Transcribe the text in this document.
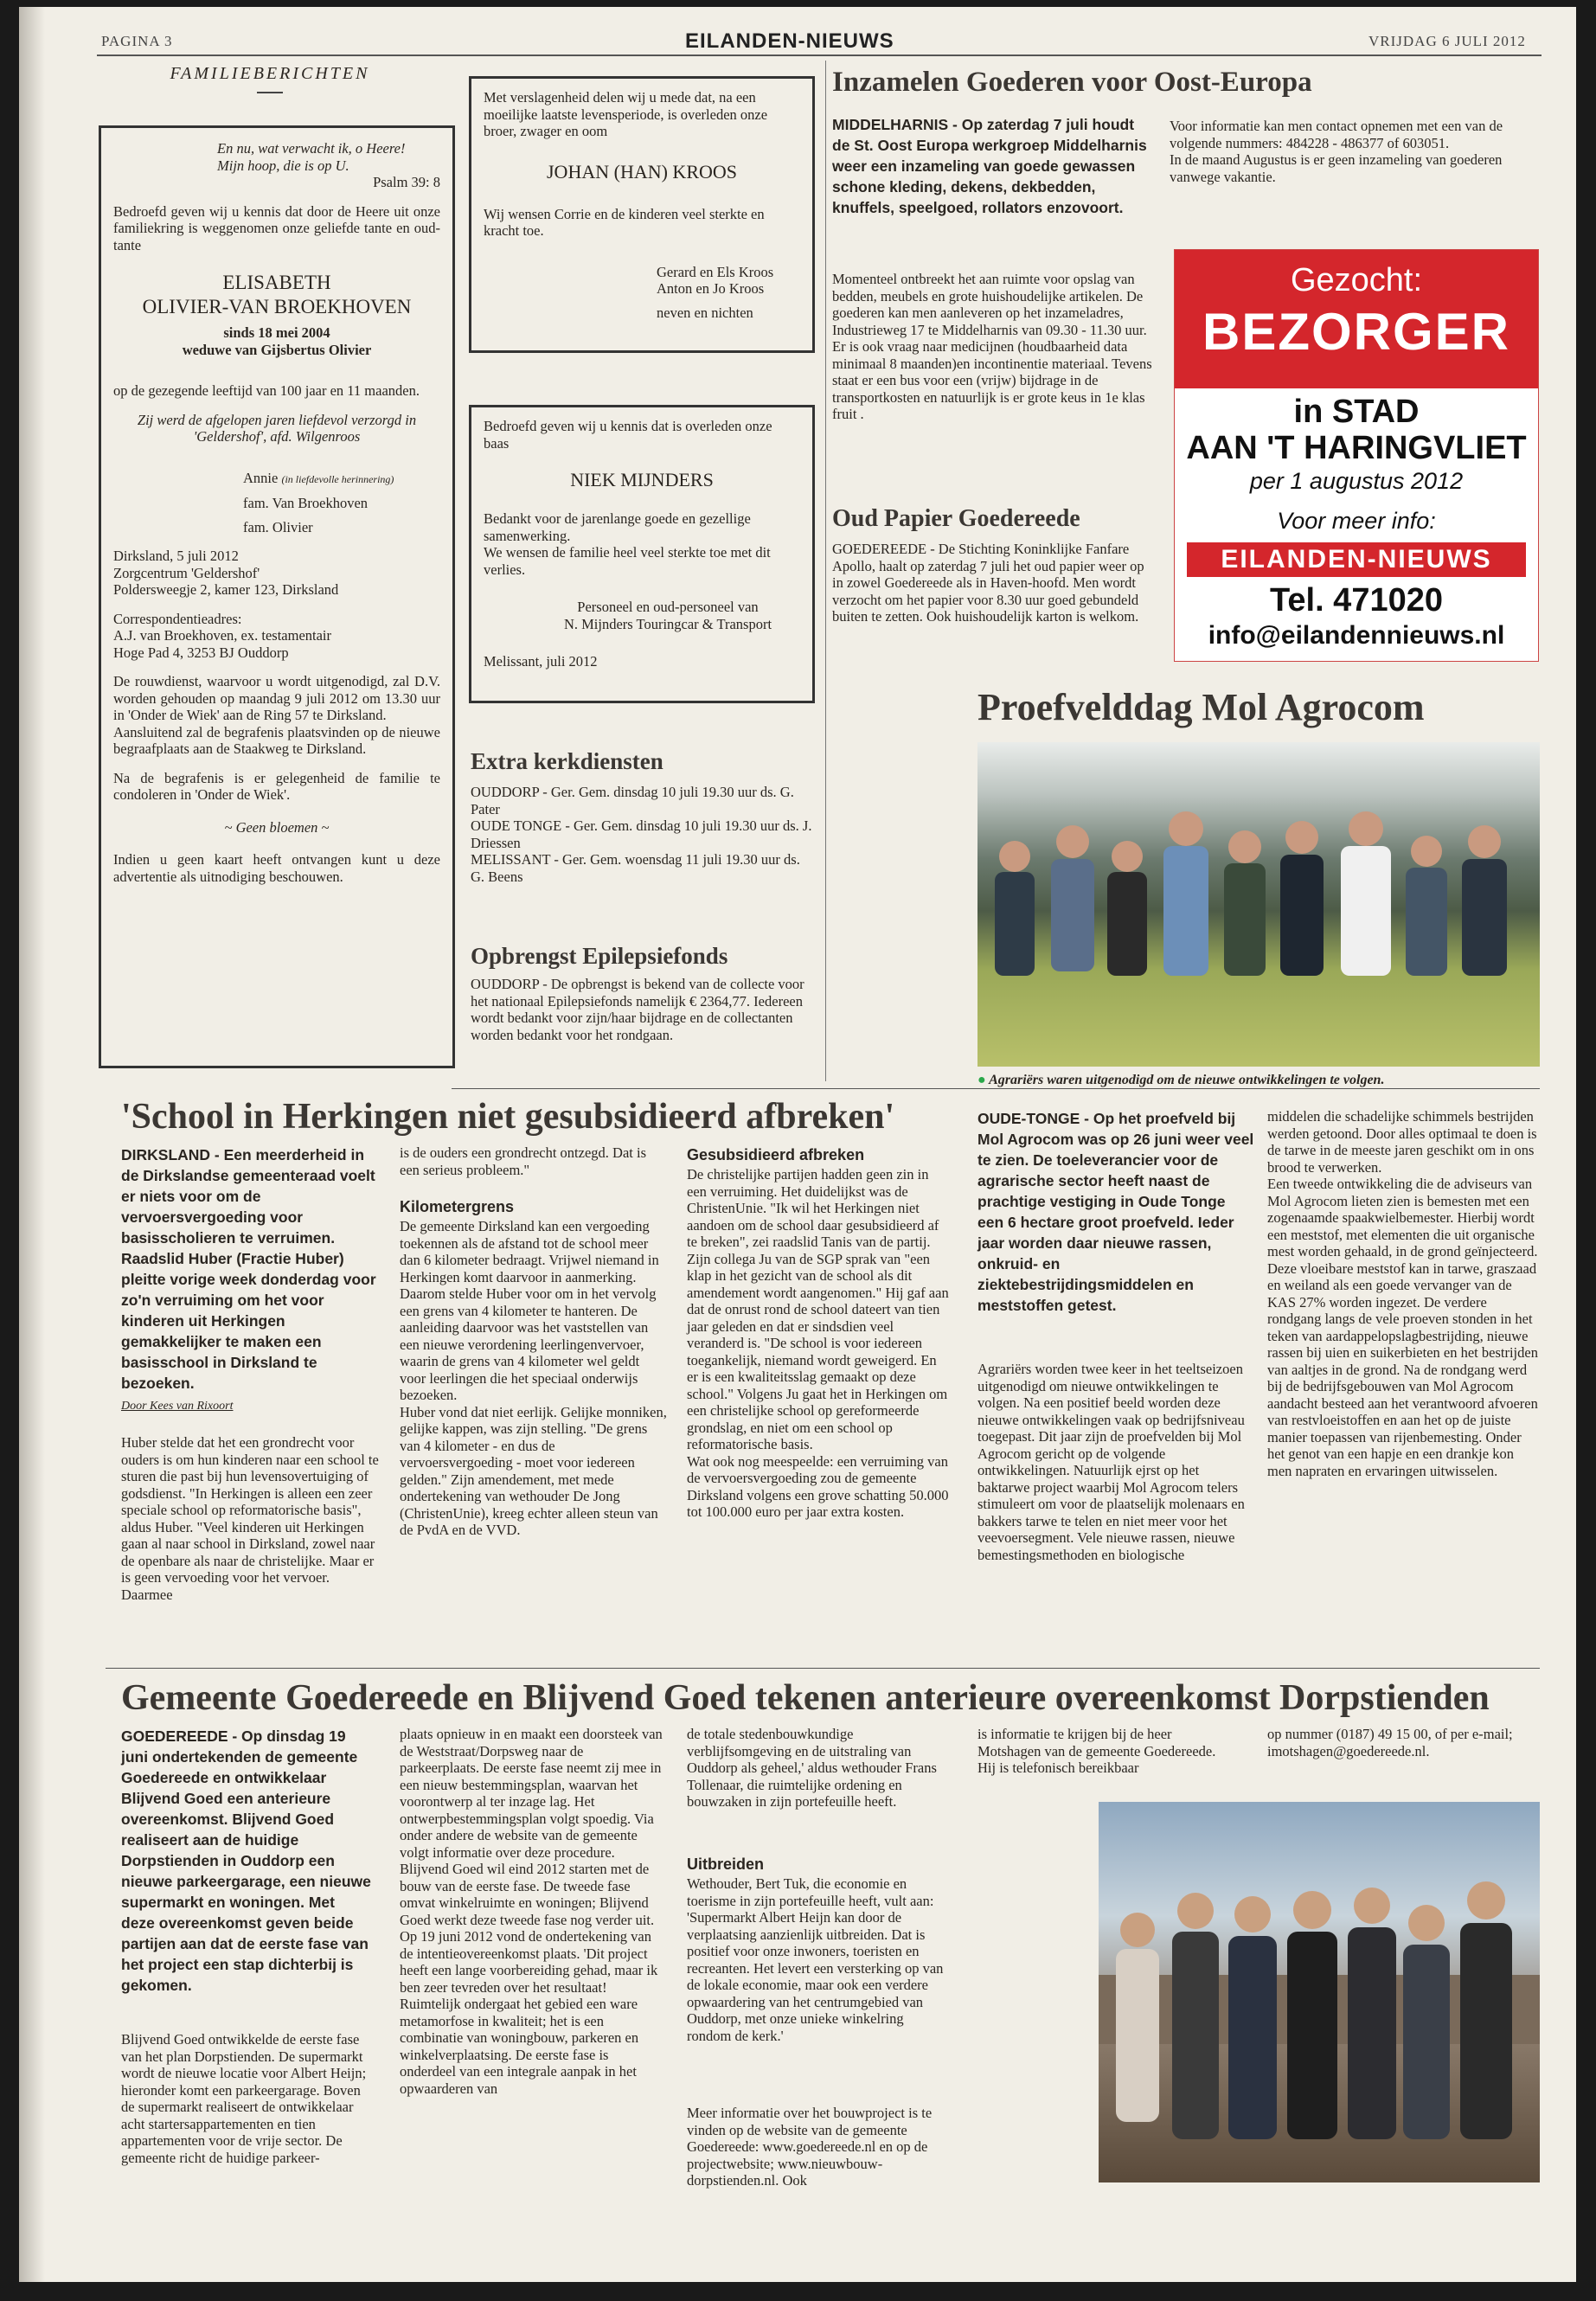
PAGINA 3	EILANDEN-NIEUWS	VRIJDAG 6 JULI 2012
FAMILIEBERICHTEN

En nu, wat verwacht ik, o Heere!

Mijn hoop, die is op U.

Psalm 39: 8

Bedroefd geven wij u kennis dat door de Heere uit onze familiekring is weggenomen onze geliefde tante en oud-tante

ELISABETH

OLIVIER-VAN BROEKHOVEN

sinds 18 mei 2004

weduwe van Gijsbertus Olivier

op de gezegende leeftijd van 100 jaar en 11 maanden.

Zij werd de afgelopen jaren liefdevol verzorgd in 'Geldershof', afd. Wilgenroos

Annie (in liefdevolle herinnering)

fam. Van Broekhoven

fam. Olivier

Dirksland, 5 juli 2012

Zorgcentrum 'Geldershof'

Poldersweegje 2, kamer 123, Dirksland

Correspondentieadres:

A.J. van Broekhoven, ex. testamentair

Hoge Pad 4, 3253 BJ Ouddorp

De rouwdienst, waarvoor u wordt uitgenodigd, zal D.V. worden gehouden op maandag 9 juli 2012 om 13.30 uur in 'Onder de Wiek' aan de Ring 57 te Dirksland.

Aansluitend zal de begrafenis plaatsvinden op de nieuwe begraafplaats aan de Staakweg te Dirksland.

Na de begrafenis is er gelegenheid de familie te condoleren in 'Onder de Wiek'.

~ Geen bloemen ~

Indien u geen kaart heeft ontvangen kunt u deze advertentie als uitnodiging beschouwen.

Met verslagenheid delen wij u mede dat, na een moeilijke laatste levensperiode, is overleden onze broer, zwager en oom

JOHAN (HAN) KROOS

Wij wensen Corrie en de kinderen veel sterkte en kracht toe.

Gerard en Els Kroos

Anton en Jo Kroos

neven en nichten

Bedroefd geven wij u kennis dat is overleden onze baas

NIEK MIJNDERS

Bedankt voor de jarenlange goede en gezellige samenwerking.

We wensen de familie heel veel sterkte toe met dit verlies.

Personeel en oud-personeel van

N. Mijnders Touringcar & Transport

Melissant, juli 2012

Extra kerkdiensten
OUDDORP - Ger. Gem. dinsdag 10 juli 19.30 uur ds. G. Pater
OUDE TONGE - Ger. Gem. dinsdag 10 juli 19.30 uur ds. J. Driessen
MELISSANT - Ger. Gem. woensdag 11 juli 19.30 uur ds. G. Beens
Opbrengst Epilepsiefonds
OUDDORP - De opbrengst is bekend van de collecte voor het nationaal Epilepsiefonds namelijk € 2364,77. Iedereen wordt bedankt voor zijn/haar bijdrage en de collectanten worden bedankt voor het rondgaan.
Inzamelen Goederen voor Oost-Europa
MIDDELHARNIS - Op zaterdag 7 juli houdt de St. Oost Europa werkgroep Middelharnis weer een inzameling van goede gewassen schone kleding, dekens, dekbedden, knuffels, speelgoed, rollators enzovoort.
Momenteel ontbreekt het aan ruimte voor opslag van bedden, meubels en grote huishoudelijke artikelen. De goederen kan men aanleveren op het inzameladres, Industrieweg 17 te Middelharnis van 09.30 - 11.30 uur.
Er is ook vraag naar medicijnen (houdbaarheid data minimaal 8 maanden)en incontinentie materiaal. Tevens staat er een bus voor een (vrijw) bijdrage in de transportkosten en natuurlijk is er grote keus in 1e klas fruit .
Voor informatie kan men contact opnemen met een van de volgende nummers: 484228 - 486377 of 603051.
In de maand Augustus is er geen inzameling van goederen vanwege vakantie.
Oud Papier Goedereede
GOEDEREEDE - De Stichting Koninklijke Fanfare Apollo, haalt op zaterdag 7 juli het oud papier weer op in zowel Goedereede als in Haven-hoofd. Men wordt verzocht om het papier voor 8.30 uur goed gebundeld buiten te zetten. Ook huishoudelijk karton is welkom.
Gezocht:
BEZORGER
in STAD
AAN 'T HARINGVLIET
per 1 augustus 2012
Voor meer info:
EILANDEN-NIEUWS
Tel. 471020
info@eilandennieuws.nl
Proefvelddag Mol Agrocom
● Agrariërs waren uitgenodigd om de nieuwe ontwikkelingen te volgen.
OUDE-TONGE - Op het proefveld bij Mol Agrocom was op 26 juni weer veel te zien. De toeleverancier voor de agrarische sector heeft naast de prachtige vestiging in Oude Tonge een 6 hectare groot proefveld. Ieder jaar worden daar nieuwe rassen, onkruid- en ziektebestrijdingsmiddelen en meststoffen getest.
Agrariërs worden twee keer in het teeltseizoen uitgenodigd om nieuwe ontwikkelingen te volgen. Na een positief beeld worden deze nieuwe ontwikkelingen vaak op bedrijfsniveau toegepast. Dit jaar zijn de proefvelden bij Mol Agrocom gericht op de volgende ontwikkelingen. Natuurlijk ejrst op het baktarwe project waarbij Mol Agrocom telers stimuleert om voor de plaatselijk molenaars en bakkers tarwe te telen en niet meer voor het veevoersegment. Vele nieuwe rassen, nieuwe bemestingsmethoden en biologische
middelen die schadelijke schimmels bestrijden werden getoond. Door alles optimaal te doen is de tarwe in de meeste jaren geschikt om in ons brood te verwerken.
Een tweede ontwikkeling die de adviseurs van Mol Agrocom lieten zien is bemesten met een zogenaamde spaakwielbemester. Hierbij wordt een meststof, met elementen die uit organische mest worden gehaald, in de grond geïnjecteerd. Deze vloeibare meststof kan in tarwe, graszaad en weiland als een goede vervanger van de KAS 27% worden ingezet. De verdere rondgang langs de vele proeven stonden in het teken van aardappelopslagbestrijding, nieuwe rassen bij uien en suikerbieten en het bestrijden van aaltjes in de grond. Na de rondgang werd bij de bedrijfsgebouwen van Mol Agrocom aandacht besteed aan het verantwoord afvoeren van restvloeistoffen en aan het op de juiste manier toepassen van rijenbemesting. Onder het genot van een hapje en een drankje kon men napraten en ervaringen uitwisselen.
'School in Herkingen niet gesubsidieerd afbreken'
DIRKSLAND - Een meerderheid in de Dirkslandse gemeenteraad voelt er niets voor om de vervoersvergoeding voor basisscholieren te verruimen. Raadslid Huber (Fractie Huber) pleitte vorige week donderdag voor zo'n verruiming om het voor kinderen uit Herkingen gemakkelijker te maken een basisschool in Dirksland te bezoeken.
Door Kees van Rixoort
Huber stelde dat het een grondrecht voor ouders is om hun kinderen naar een school te sturen die past bij hun levensovertuiging of godsdienst. "In Herkingen is alleen een zeer speciale school op reformatorische basis", aldus Huber. "Veel kinderen uit Herkingen gaan al naar school in Dirksland, zowel naar de openbare als naar de christelijke. Maar er is geen vervoeding voor het vervoer. Daarmee
is de ouders een grondrecht ontzegd. Dat is een serieus probleem."
Kilometergrens
De gemeente Dirksland kan een vergoeding toekennen als de afstand tot de school meer dan 6 kilometer bedraagt. Vrijwel niemand in Herkingen komt daarvoor in aanmerking. Daarom stelde Huber voor om in het vervolg een grens van 4 kilometer te hanteren. De aanleiding daarvoor was het vaststellen van een nieuwe verordening leerlingenvervoer, waarin de grens van 4 kilometer wel geldt voor leerlingen die het speciaal onderwijs bezoeken.
Huber vond dat niet eerlijk. Gelijke monniken, gelijke kappen, was zijn stelling. "De grens van 4 kilometer - en dus de vervoersvergoeding - moet voor iedereen gelden." Zijn amendement, met mede ondertekening van wethouder De Jong (ChristenUnie), kreeg echter alleen steun van de PvdA en de VVD.
Gesubsidieerd afbreken
De christelijke partijen hadden geen zin in een verruiming. Het duidelijkst was de ChristenUnie. "Ik wil het Herkingen niet aandoen om de school daar gesubsidieerd af te breken", zei raadslid Tanis van de partij. Zijn collega Ju van de SGP sprak van "een klap in het gezicht van de school als dit amendement wordt aangenomen." Hij gaf aan dat de onrust rond de school dateert van tien jaar geleden en dat er sindsdien veel veranderd is. "De school is voor iedereen toegankelijk, niemand wordt geweigerd. En er is een kwaliteitsslag gemaakt op deze school." Volgens Ju gaat het in Herkingen om een christelijke school op gereformeerde grondslag, en niet om een school op reformatorische basis.
Wat ook nog meespeelde: een verruiming van de vervoersvergoeding zou de gemeente Dirksland volgens een grove schatting 50.000 tot 100.000 euro per jaar extra kosten.
Gemeente Goedereede en Blijvend Goed tekenen anterieure overeenkomst Dorpstienden
GOEDEREEDE - Op dinsdag 19 juni ondertekenden de gemeente Goedereede en ontwikkelaar Blijvend Goed een anterieure overeenkomst. Blijvend Goed realiseert aan de huidige Dorpstienden in Ouddorp een nieuwe parkeergarage, een nieuwe supermarkt en woningen. Met deze overeenkomst geven beide partijen aan dat de eerste fase van het project een stap dichterbij is gekomen.
Blijvend Goed ontwikkelde de eerste fase van het plan Dorpstienden. De supermarkt wordt de nieuwe locatie voor Albert Heijn; hieronder komt een parkeergarage. Boven de supermarkt realiseert de ontwikkelaar acht startersappartementen en tien appartementen voor de vrije sector. De gemeente richt de huidige parkeer-
plaats opnieuw in en maakt een doorsteek van de Weststraat/Dorpsweg naar de parkeerplaats. De eerste fase neemt zij mee in een nieuw bestemmingsplan, waarvan het voorontwerp al ter inzage lag. Het ontwerpbestemmingsplan volgt spoedig. Via onder andere de website van de gemeente volgt informatie over deze procedure. Blijvend Goed wil eind 2012 starten met de bouw van de eerste fase. De tweede fase omvat winkelruimte en woningen; Blijvend Goed werkt deze tweede fase nog verder uit.
Op 19 juni 2012 vond de ondertekening van de intentieovereenkomst plaats. 'Dit project heeft een lange voorbereiding gehad, maar ik ben zeer tevreden over het resultaat! Ruimtelijk ondergaat het gebied een ware metamorfose in kwaliteit; het is een combinatie van woningbouw, parkeren en winkelverplaatsing. De eerste fase is onderdeel van een integrale aanpak in het opwaarderen van
de totale stedenbouwkundige verblijfsomgeving en de uitstraling van Ouddorp als geheel,' aldus wethouder Frans Tollenaar, die ruimtelijke ordening en bouwzaken in zijn portefeuille heeft.
Uitbreiden
Wethouder, Bert Tuk, die economie en toerisme in zijn portefeuille heeft, vult aan: 'Supermarkt Albert Heijn kan door de verplaatsing aanzienlijk uitbreiden. Dat is positief voor onze inwoners, toeristen en recreanten. Het levert een versterking op van de lokale economie, maar ook een verdere opwaardering van het centrumgebied van Ouddorp, met onze unieke winkelring rondom de kerk.'
Meer informatie over het bouwproject is te vinden op de website van de gemeente Goedereede: www.goedereede.nl en op de projectwebsite; www.nieuwbouw-dorpstienden.nl. Ook
is informatie te krijgen bij de heer Motshagen van de gemeente Goedereede. Hij is telefonisch bereikbaar
op nummer (0187) 49 15 00, of per e-mail; imotshagen@goedereede.nl.
